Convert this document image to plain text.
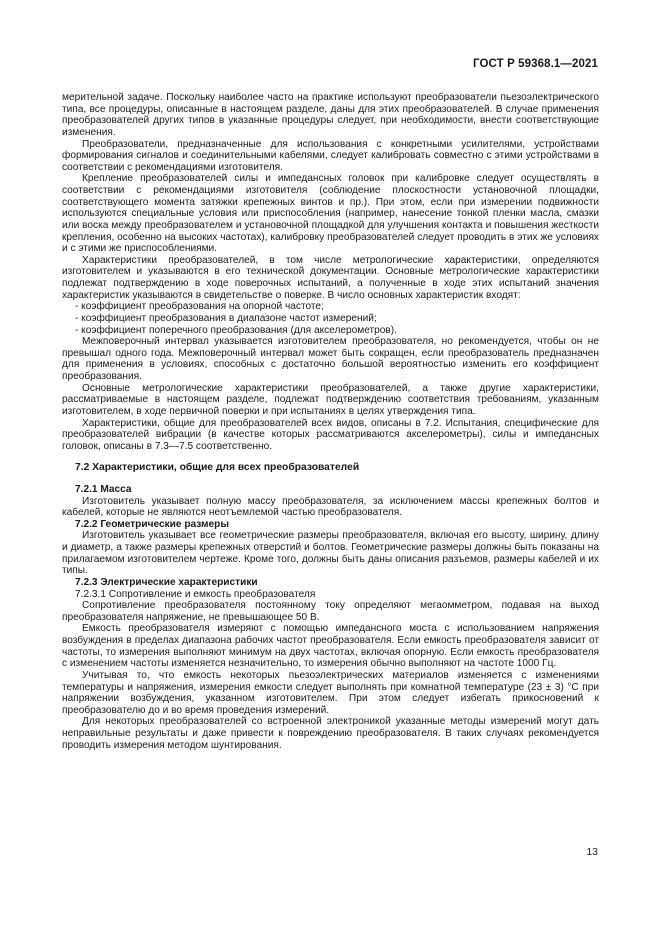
ГОСТ Р 59368.1—2021

мерительной задаче. Поскольку наиболее часто на практике используют преобразователи пьезоэлектрического типа, все процедуры, описанные в настоящем разделе, даны для этих преобразователей. В случае применения преобразователей других типов в указанные процедуры следует, при необходимости, внести соответствующие изменения.

Преобразователи, предназначенные для использования с конкретными усилителями, устройствами формирования сигналов и соединительными кабелями, следует калибровать совместно с этими устройствами в соответствии с рекомендациями изготовителя.

Крепление преобразователей силы и импедансных головок при калибровке следует осуществлять в соответствии с рекомендациями изготовителя (соблюдение плоскостности установочной площадки, соответствующего момента затяжки крепежных винтов и пр.). При этом, если при измерении подвижности используются специальные условия или приспособления (например, нанесение тонкой пленки масла, смазки или воска между преобразователем и установочной площадкой для улучшения контакта и повышения жесткости крепления, особенно на высоких частотах), калибровку преобразователей следует проводить в этих же условиях и с этими же приспособлениями.

Характеристики преобразователей, в том числе метрологические характеристики, определяются изготовителем и указываются в его технической документации. Основные метрологические характеристики подлежат подтверждению в ходе поверочных испытаний, а полученные в ходе этих испытаний значения характеристик указываются в свидетельстве о поверке. В число основных характеристик входят:

- коэффициент преобразования на опорной частоте;

- коэффициент преобразования в диапазоне частот измерений;

- коэффициент поперечного преобразования (для акселерометров).

Межповерочный интервал указывается изготовителем преобразователя, но рекомендуется, чтобы он не превышал одного года. Межповерочный интервал может быть сокращен, если преобразователь предназначен для применения в условиях, способных с достаточно большой вероятностью изменить его коэффициент преобразования.

Основные метрологические характеристики преобразователей, а также другие характеристики, рассматриваемые в настоящем разделе, подлежат подтверждению соответствия требованиям, указанным изготовителем, в ходе первичной поверки и при испытаниях в целях утверждения типа.

Характеристики, общие для преобразователей всех видов, описаны в 7.2. Испытания, специфические для преобразователей вибрации (в качестве которых рассматриваются акселерометры), силы и импедансных головок, описаны в 7.3—7.5 соответственно.

7.2 Характеристики, общие для всех преобразователей
7.2.1 Масса

Изготовитель указывает полную массу преобразователя, за исключением массы крепежных болтов и кабелей, которые не являются неотъемлемой частью преобразователя.

7.2.2 Геометрические размеры

Изготовитель указывает все геометрические размеры преобразователя, включая его высоту, ширину, длину и диаметр, а также размеры крепежных отверстий и болтов. Геометрические размеры должны быть показаны на прилагаемом изготовителем чертеже. Кроме того, должны быть даны описания разъемов, размеры кабелей и их типы.

7.2.3 Электрические характеристики

7.2.3.1 Сопротивление и емкость преобразователя

Сопротивление преобразователя постоянному току определяют мегаомметром, подавая на выход преобразователя напряжение, не превышающее 50 В.

Емкость преобразователя измеряют с помощью импедансного моста с использованием напряжения возбуждения в пределах диапазона рабочих частот преобразователя. Если емкость преобразователя зависит от частоты, то измерения выполняют минимум на двух частотах, включая опорную. Если емкость преобразователя с изменением частоты изменяется незначительно, то измерения обычно выполняют на частоте 1000 Гц.

Учитывая то, что емкость некоторых пьезоэлектрических материалов изменяется с изменениями температуры и напряжения, измерения емкости следует выполнять при комнатной температуре (23 ± 3) °С при напряжении возбуждения, указанном изготовителем. При этом следует избегать прикосновений к преобразователю до и во время проведения измерений.

Для некоторых преобразователей со встроенной электроникой указанные методы измерений могут дать неправильные результаты и даже привести к повреждению преобразователя. В таких случаях рекомендуется проводить измерения методом шунтирования.

13
